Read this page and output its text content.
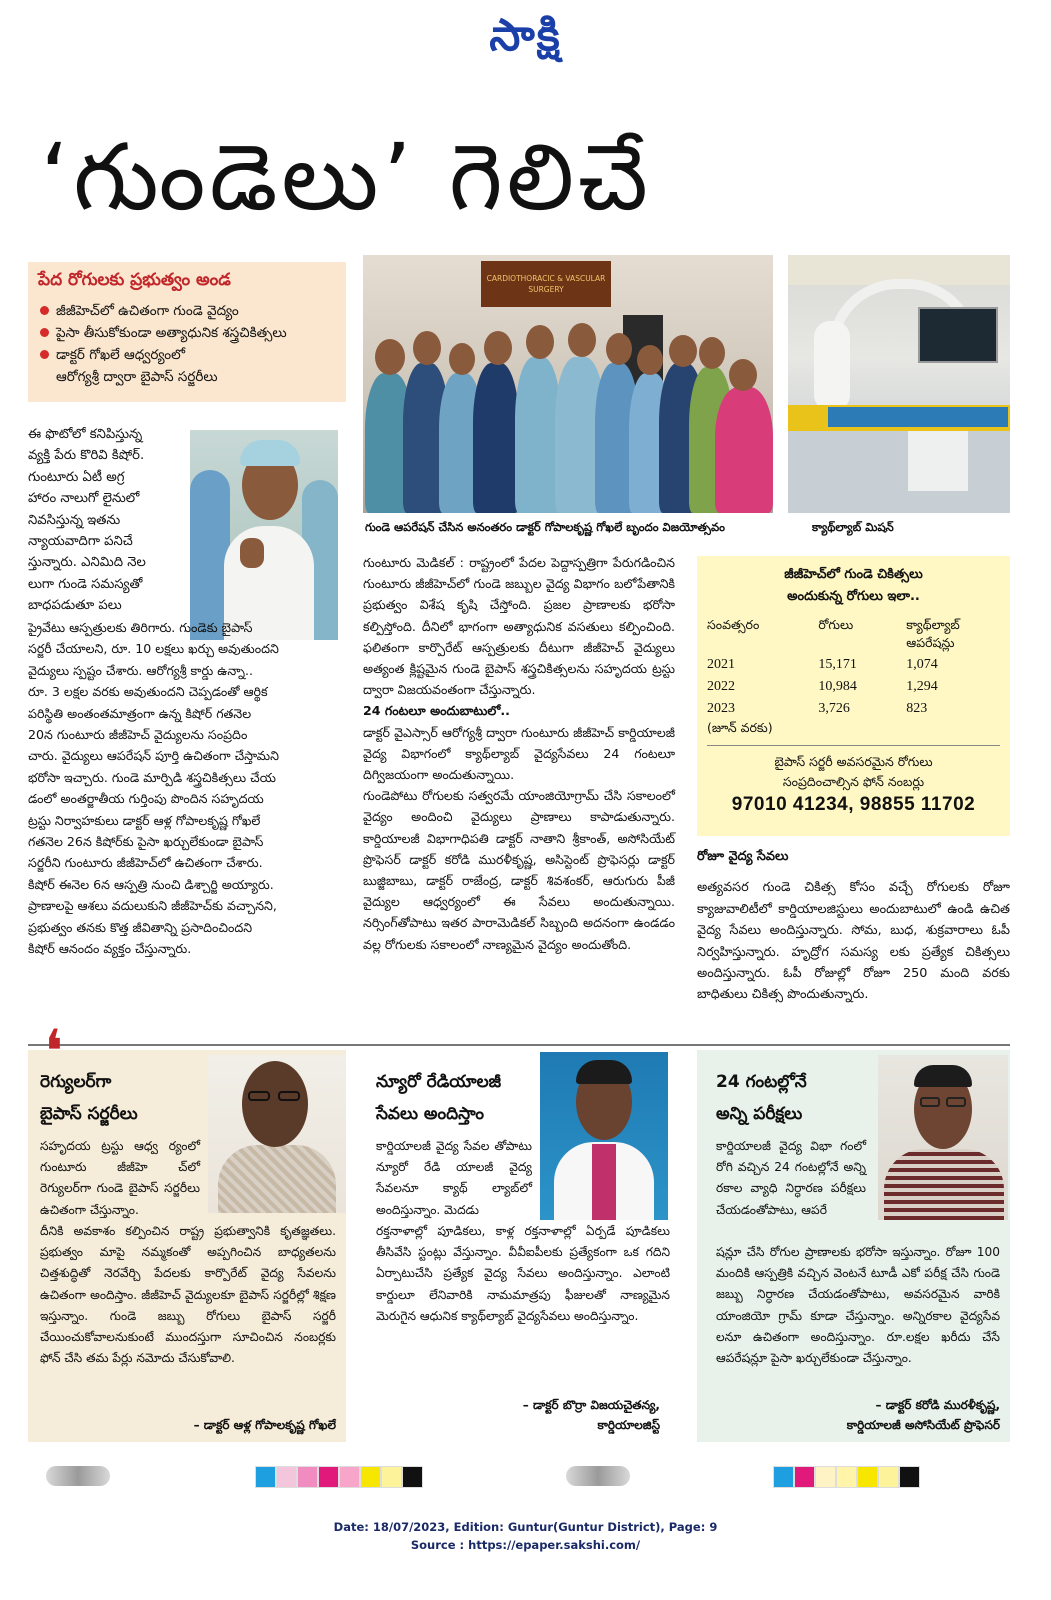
సాక్షి
‘గుండెలు’ గెలిచే
పేద రోగులకు ప్రభుత్వం అండ
జీజీహెచ్‌లో ఉచితంగా గుండె వైద్యం
పైసా తీసుకోకుండా అత్యాధునిక శస్త్రచికిత్సలు
డాక్టర్‌ గోఖలే ఆధ్వర్యంలో
ఆరోగ్యశ్రీ ద్వారా బైపాస్‌ సర్జరీలు
CARDIOTHORACIC & VASCULAR SURGERY
గుండె ఆపరేషన్‌ చేసిన అనంతరం డాక్టర్‌ గోపాలకృష్ణ గోఖలే బృందం విజయోత్సవం	క్యాథ్‌ల్యాబ్‌ మిషన్‌

ఈ ఫొటోలో కనిపిస్తున్న

వ్యక్తి పేరు కొరివి కిషోర్‌.

గుంటూరు ఏటీ అగ్ర

హారం నాలుగో లైనులో

నివసిస్తున్న ఇతను

న్యాయవాదిగా పనిచే

స్తున్నారు. ఎనిమిది నెల

లుగా గుండె సమస్యతో

బాధపడుతూ పలు

ప్రైవేటు ఆస్పత్రులకు తిరిగారు. గుండెకు బైపాస్‌

సర్జరీ చేయాలని, రూ. 10 లక్షలు ఖర్చు అవుతుందని

వైద్యులు స్పష్టం చేశారు. ఆరోగ్యశ్రీ కార్డు ఉన్నా..

రూ. 3 లక్షల వరకు అవుతుందని చెప్పడంతో ఆర్థిక

పరిస్థితి అంతంతమాత్రంగా ఉన్న కిషోర్‌ గతనెల

20న గుంటూరు జీజీహెచ్‌ వైద్యులను సంప్రదిం

చారు. వైద్యులు ఆపరేషన్‌ పూర్తి ఉచితంగా చేస్తామని

భరోసా ఇచ్చారు. గుండె మార్పిడి శస్త్రచికిత్సలు చేయ

డంలో అంతర్జాతీయ గుర్తింపు పొందిన సహృదయ

ట్రస్టు నిర్వాహకులు డాక్టర్‌ ఆళ్ల గోపాలకృష్ణ గోఖలే

గతనెల 26న కిషోర్‌కు పైసా ఖర్చులేకుండా బైపాస్‌

సర్జరీని గుంటూరు జీజీహెచ్‌లో ఉచితంగా చేశారు.

కిషోర్‌ ఈనెల 6న ఆస్పత్రి నుంచి డిశ్చార్జి అయ్యారు.

ప్రాణాలపై ఆశలు వదులుకుని జీజీహెచ్‌కు వచ్చానని,

ప్రభుత్వం తనకు కొత్త జీవితాన్ని ప్రసాదించిందని

కిషోర్‌ ఆనందం వ్యక్తం చేస్తున్నారు.

గుంటూరు మెడికల్‌ : రాష్ట్రంలో పేదల పెద్దాస్పత్రిగా పేరుగడించిన గుంటూరు జీజీహెచ్‌లో గుండె జబ్బుల వైద్య విభాగం బలోపేతానికి ప్రభుత్వం విశేష కృషి చేస్తోంది. ప్రజల ప్రాణాలకు భరోసా కల్పిస్తోంది. దీనిలో భాగంగా అత్యాధునిక వసతులు కల్పించింది. ఫలితంగా కార్పొరేట్‌ ఆస్పత్రులకు దీటుగా జీజీహెచ్‌ వైద్యులు అత్యంత క్లిష్టమైన గుండె బైపాస్‌ శస్త్రచికిత్సలను సహృదయ ట్రస్టు ద్వారా విజయవంతంగా చేస్తున్నారు.

24 గంటలూ అందుబాటులో..

డాక్టర్‌ వైఎస్సార్‌ ఆరోగ్యశ్రీ ద్వారా గుంటూరు జీజీహెచ్‌ కార్డియాలజీ వైద్య విభాగంలో క్యాథ్‌ల్యాబ్‌ వైద్యసేవలు 24 గంటలూ దిగ్విజయంగా అందుతున్నాయి.

గుండెపోటు రోగులకు సత్వరమే యాంజియోగ్రామ్‌ చేసి సకాలంలో వైద్యం అందించి వైద్యులు ప్రాణాలు కాపాడుతున్నారు. కార్డియాలజీ విభాగాధిపతి డాక్టర్‌ నాతాని శ్రీకాంత్‌, అసోసియేట్‌ ప్రొఫెసర్‌ డాక్టర్‌ కరోడి మురళీకృష్ణ, అసిస్టెంట్‌ ప్రొఫెసర్లు డాక్టర్‌ బుజ్జిబాబు, డాక్టర్‌ రాజేంద్ర, డాక్టర్‌ శివశంకర్‌, ఆరుగురు పీజీ వైద్యుల ఆధ్వర్యంలో ఈ సేవలు అందుతున్నాయి. నర్సింగ్‌తోపాటు ఇతర పారామెడికల్‌ సిబ్బంది అదనంగా ఉండడం వల్ల రోగులకు సకాలంలో నాణ్యమైన వైద్యం అందుతోంది.

జీజీహెచ్‌లో గుండె చికిత్సలు
అందుకున్న రోగులు ఇలా..
సంవత్సరం	రోగులు	క్యాథ్‌ల్యాబ్‌ ఆపరేషన్లు
2021	15,171	1,074
2022	10,984	1,294
2023	3,726	823
(జూన్‌ వరకు)
బైపాస్‌ సర్జరీ అవసరమైన రోగులు
సంప్రదించాల్సిన ఫోన్‌ నంబర్లు
97010 41234, 98855 11702

రోజూ వైద్య సేవలు

అత్యవసర గుండె చికిత్స కోసం వచ్చే రోగులకు రోజూ క్యాజువాలిటీలో కార్డియాలజిస్టులు అందుబాటులో ఉండి ఉచిత వైద్య సేవలు అందిస్తున్నారు. సోమ, బుధ, శుక్రవారాలు ఓపీ నిర్వహిస్తున్నారు. హృద్రోగ సమస్య లకు ప్రత్యేక చికిత్సలు అందిస్తున్నారు. ఓపీ రోజుల్లో రోజూ 250 మంది వరకు బాధితులు చికిత్స పొందుతున్నారు.

❛
రెగ్యులర్‌గా
బైపాస్‌ సర్జరీలు
సహృదయ ట్రస్టు ఆధ్వ ర్యంలో గుంటూరు జీజీహె చ్‌లో రెగ్యులర్‌గా గుండె బైపాస్‌ సర్జరీలు ఉచితంగా చేస్తున్నాం.
దీనికి అవకాశం కల్పించిన రాష్ట్ర ప్రభుత్వానికి కృతజ్ఞతలు. ప్రభుత్వం మాపై నమ్మకంతో అప్పగించిన బాధ్యతలను చిత్తశుద్ధితో నెరవేర్చి పేదలకు కార్పొరేట్‌ వైద్య సేవలను ఉచితంగా అందిస్తాం. జీజీహెచ్‌ వైద్యులకూ బైపాస్‌ సర్జరీల్లో శిక్షణ ఇస్తున్నాం. గుండె జబ్బు రోగులు బైపాస్‌ సర్జరీ చేయించుకోవాలనుకుంటే ముందస్తుగా సూచించిన నంబర్లకు ఫోన్‌ చేసి తమ పేర్లు నమోదు చేసుకోవాలి.
– డాక్టర్‌ ఆళ్ల గోపాలకృష్ణ గోఖలే
న్యూరో రేడియాలజీ
సేవలు అందిస్తాం
కార్డియాలజీ వైద్య సేవల తోపాటు న్యూరో రేడి యాలజీ వైద్య సేవలనూ క్యాథ్‌ ల్యాబ్‌లో అందిస్తున్నాం. మెదడు
రక్తనాళాల్లో పూడికలు, కాళ్ల రక్తనాళాల్లో ఏర్పడే పూడికలు తీసివేసి స్టంట్లు వేస్తున్నాం. వీవీఐపీలకు ప్రత్యేకంగా ఒక గదిని ఏర్పాటుచేసి ప్రత్యేక వైద్య సేవలు అందిస్తున్నాం. ఎలాంటి కార్డులూ లేనివారికి నామమాత్రపు ఫీజులతో నాణ్యమైన మెరుగైన ఆధునిక క్యాథ్‌ల్యాబ్‌ వైద్యసేవలు అందిస్తున్నాం.
– డాక్టర్‌ బొర్రా విజయచైతన్య,
కార్డియాలజిస్ట్‌
24 గంటల్లోనే
అన్ని పరీక్షలు
కార్డియాలజీ వైద్య విభా గంలో రోగి వచ్చిన 24 గంటల్లోనే అన్ని రకాల వ్యాధి నిర్ధారణ పరీక్షలు చేయడంతోపాటు, ఆపరే
షన్లూ చేసి రోగుల ప్రాణాలకు భరోసా ఇస్తున్నాం. రోజూ 100 మందికి ఆస్పత్రికి వచ్చిన వెంటనే టూడీ ఎకో పరీక్ష చేసి గుండె జబ్బు నిర్ధారణ చేయడంతోపాటు, అవసరమైన వారికి యాంజియో గ్రామ్‌ కూడా చేస్తున్నాం. అన్నిరకాల వైద్యసేవ లనూ ఉచితంగా అందిస్తున్నాం. రూ.లక్షల ఖరీదు చేసే ఆపరేషన్లూ పైసా ఖర్చులేకుండా చేస్తున్నాం.
– డాక్టర్‌ కరోడి మురళీకృష్ణ,
కార్డియాలజీ అసోసియేట్‌ ప్రొఫెసర్‌
Date: 18/07/2023, Edition: Guntur(Guntur District), Page: 9
Source : https://epaper.sakshi.com/
